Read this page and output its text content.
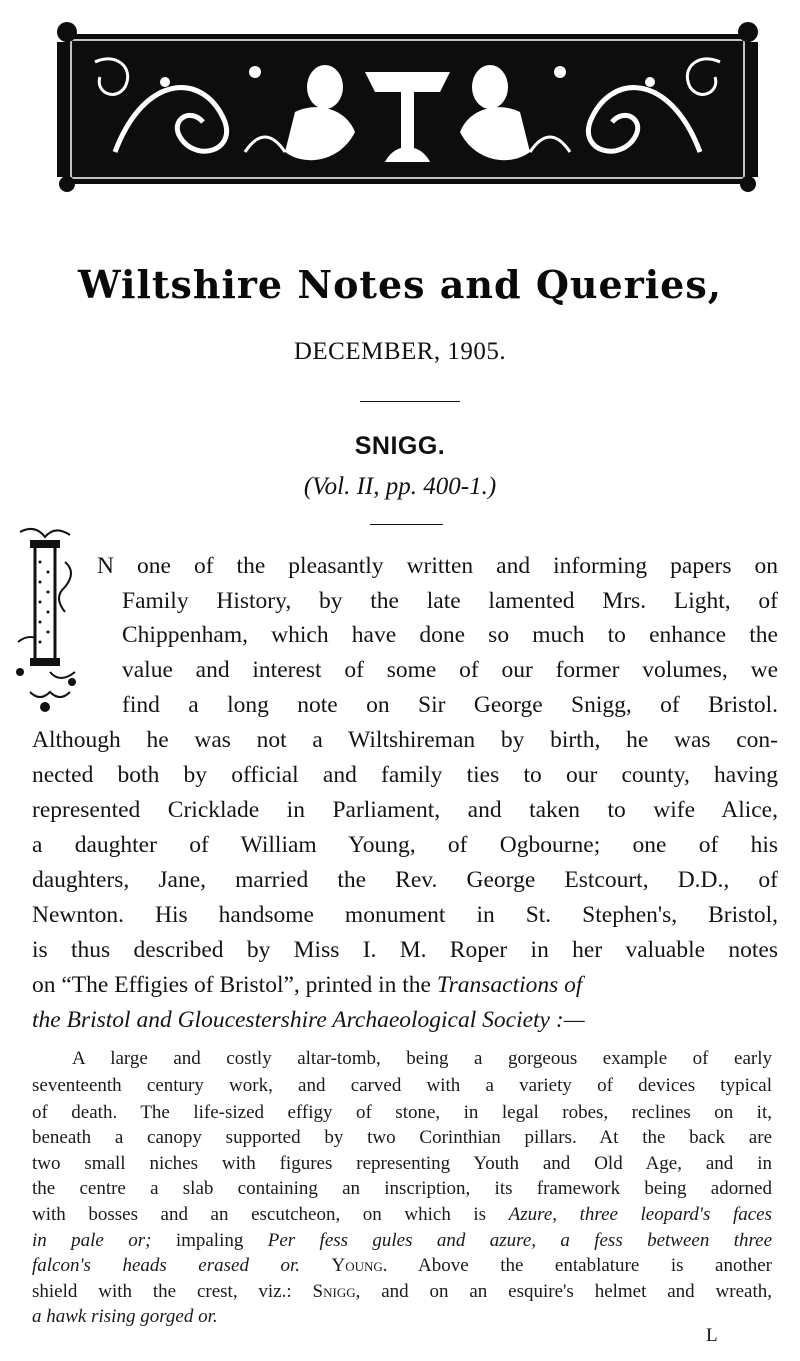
Wiltshire Notes and Queries,
DECEMBER, 1905.
SNIGG.
(Vol. II, pp. 400-1.)
N one of the pleasantly written and informing papers on
Family History, by the late lamented Mrs. Light, of
Chippenham, which have done so much to enhance the
value and interest of some of our former volumes, we
find a long note on Sir George Snigg, of Bristol.
Although he was not a Wiltshireman by birth, he was con-
nected both by official and family ties to our county, having
represented Cricklade in Parliament, and taken to wife Alice,
a daughter of William Young, of Ogbourne; one of his
daughters, Jane, married the Rev. George Estcourt, D.D., of
Newnton. His handsome monument in St. Stephen's, Bristol,
is thus described by Miss I. M. Roper in her valuable notes
on “The Effigies of Bristol”, printed in the Transactions of
the Bristol and Gloucestershire Archaeological Society :—
A large and costly altar-tomb, being a gorgeous example of early
seventeenth century work, and carved with a variety of devices typical
of death. The life-sized effigy of stone, in legal robes, reclines on it,
beneath a canopy supported by two Corinthian pillars. At the back are
two small niches with figures representing Youth and Old Age, and in
the centre a slab containing an inscription, its framework being adorned
with bosses and an escutcheon, on which is Azure, three leopard's faces
in pale or; impaling Per fess gules and azure, a fess between three
falcon's heads erased or. Young. Above the entablature is another
shield with the crest, viz.: Snigg, and on an esquire's helmet and wreath,
a hawk rising gorged or.
L
